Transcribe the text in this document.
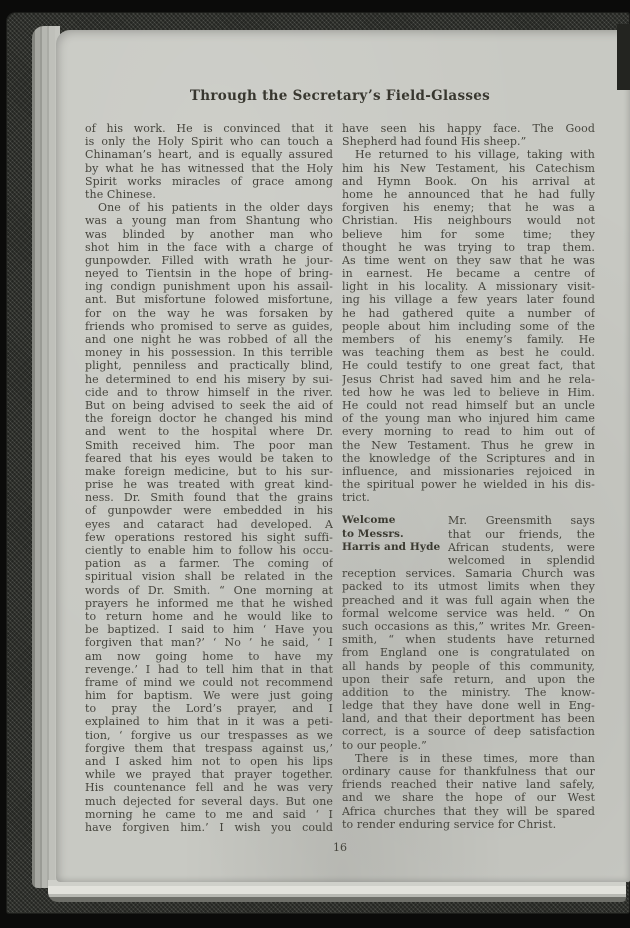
Through the Secretary’s Field-Glasses
of his work. He is convinced that it
is only the Holy Spirit who can touch a
Chinaman’s heart, and is equally assured
by what he has witnessed that the Holy
Spirit works miracles of grace among
the Chinese.
One of his patients in the older days
was a young man from Shantung who
was blinded by another man who
shot him in the face with a charge of
gunpowder. Filled with wrath he jour-
neyed to Tientsin in the hope of bring-
ing condign punishment upon his assail-
ant. But misfortune folowed misfortune,
for on the way he was forsaken by
friends who promised to serve as guides,
and one night he was robbed of all the
money in his possession. In this terrible
plight, penniless and practically blind,
he determined to end his misery by sui-
cide and to throw himself in the river.
But on being advised to seek the aid of
the foreign doctor he changed his mind
and went to the hospital where Dr.
Smith received him. The poor man
feared that his eyes would be taken to
make foreign medicine, but to his sur-
prise he was treated with great kind-
ness. Dr. Smith found that the grains
of gunpowder were embedded in his
eyes and cataract had developed. A
few operations restored his sight suffi-
ciently to enable him to follow his occu-
pation as a farmer. The coming of
spiritual vision shall be related in the
words of Dr. Smith. “ One morning at
prayers he informed me that he wished
to return home and he would like to
be baptized. I said to him ‘ Have you
forgiven that man?’ ‘ No ’ he said, ‘ I
am now going home to have my
revenge.’ I had to tell him that in that
frame of mind we could not recommend
him for baptism. We were just going
to pray the Lord’s prayer, and I
explained to him that in it was a peti-
tion, ‘ forgive us our trespasses as we
forgive them that trespass against us,’
and I asked him not to open his lips
while we prayed that prayer together.
His countenance fell and he was very
much dejected for several days. But one
morning he came to me and said ‘ I
have forgiven him.’ I wish you could
have seen his happy face. The Good
Shepherd had found His sheep.”
He returned to his village, taking with
him his New Testament, his Catechism
and Hymn Book. On his arrival at
home he announced that he had fully
forgiven his enemy; that he was a
Christian. His neighbours would not
believe him for some time; they
thought he was trying to trap them.
As time went on they saw that he was
in earnest. He became a centre of
light in his locality. A missionary visit-
ing his village a few years later found
he had gathered quite a number of
people about him including some of the
members of his enemy’s family. He
was teaching them as best he could.
He could testify to one great fact, that
Jesus Christ had saved him and he rela-
ted how he was led to believe in Him.
He could not read himself but an uncle
of the young man who injured him came
every morning to read to him out of
the New Testament. Thus he grew in
the knowledge of the Scriptures and in
influence, and missionaries rejoiced in
the spiritual power he wielded in his dis-
trict.
Welcome
to Messrs.
Harris and Hyde
Mr. Greensmith says
that our friends, the
African students, were
welcomed in splendid
reception services. Samaria Church was
packed to its utmost limits when they
preached and it was full again when the
formal welcome service was held. “ On
such occasions as this,” writes Mr. Green-
smith, “ when students have returned
from England one is congratulated on
all hands by people of this community,
upon their safe return, and upon the
addition to the ministry. The know-
ledge that they have done well in Eng-
land, and that their deportment has been
correct, is a source of deep satisfaction
to our people.”
There is in these times, more than
ordinary cause for thankfulness that our
friends reached their native land safely,
and we share the hope of our West
Africa churches that they will be spared
to render enduring service for Christ.
16
